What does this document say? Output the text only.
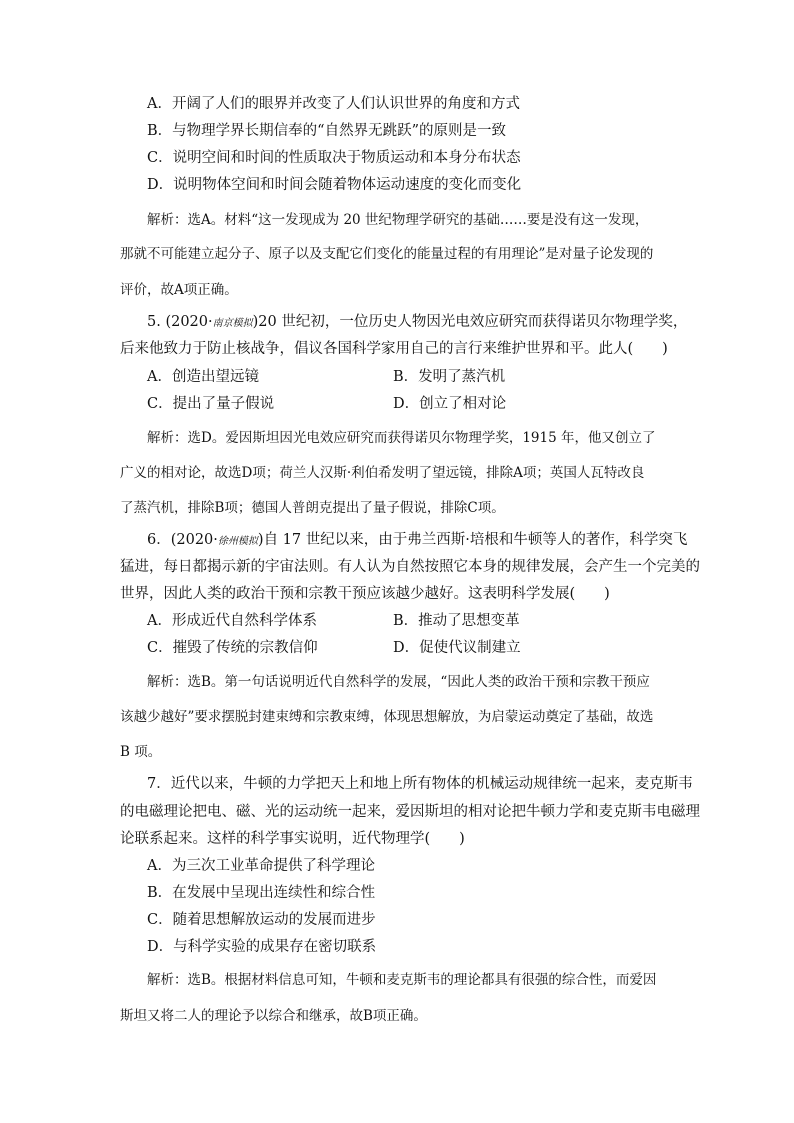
A．开阔了人们的眼界并改变了人们认识世界的角度和方式
B．与物理学界长期信奉的“自然界无跳跃”的原则是一致
C．说明空间和时间的性质取决于物质运动和本身分布状态
D．说明物体空间和时间会随着物体运动速度的变化而变化
解析：选A。材料“这一发现成为 20 世纪物理学研究的基础……要是没有这一发现，
那就不可能建立起分子、原子以及支配它们变化的能量过程的有用理论”是对量子论发现的
评价，故A项正确。
5. (2020·南京模拟)20 世纪初，一位历史人物因光电效应研究而获得诺贝尔物理学奖，
后来他致力于防止核战争，倡议各国科学家用自己的言行来维护世界和平。此人(　　)
A．创造出望远镜	B．发明了蒸汽机
C．提出了量子假说	D．创立了相对论
解析：选D。爱因斯坦因光电效应研究而获得诺贝尔物理学奖，1915 年，他又创立了
广义的相对论，故选D项；荷兰人汉斯·利伯希发明了望远镜，排除A项；英国人瓦特改良
了蒸汽机，排除B项；德国人普朗克提出了量子假说，排除C项。
6．(2020·徐州模拟)自 17 世纪以来，由于弗兰西斯·培根和牛顿等人的著作，科学突飞
猛进，每日都揭示新的宇宙法则。有人认为自然按照它本身的规律发展，会产生一个完美的
世界，因此人类的政治干预和宗教干预应该越少越好。这表明科学发展(　　)
A．形成近代自然科学体系	B．推动了思想变革
C．摧毁了传统的宗教信仰	D．促使代议制建立
解析：选B。第一句话说明近代自然科学的发展，“因此人类的政治干预和宗教干预应
该越少越好”要求摆脱封建束缚和宗教束缚，体现思想解放，为启蒙运动奠定了基础，故选
B 项。
7．近代以来，牛顿的力学把天上和地上所有物体的机械运动规律统一起来，麦克斯韦
的电磁理论把电、磁、光的运动统一起来，爱因斯坦的相对论把牛顿力学和麦克斯韦电磁理
论联系起来。这样的科学事实说明，近代物理学(　　)
A．为三次工业革命提供了科学理论
B．在发展中呈现出连续性和综合性
C．随着思想解放运动的发展而进步
D．与科学实验的成果存在密切联系
解析：选B。根据材料信息可知，牛顿和麦克斯韦的理论都具有很强的综合性，而爱因
斯坦又将二人的理论予以综合和继承，故B项正确。
